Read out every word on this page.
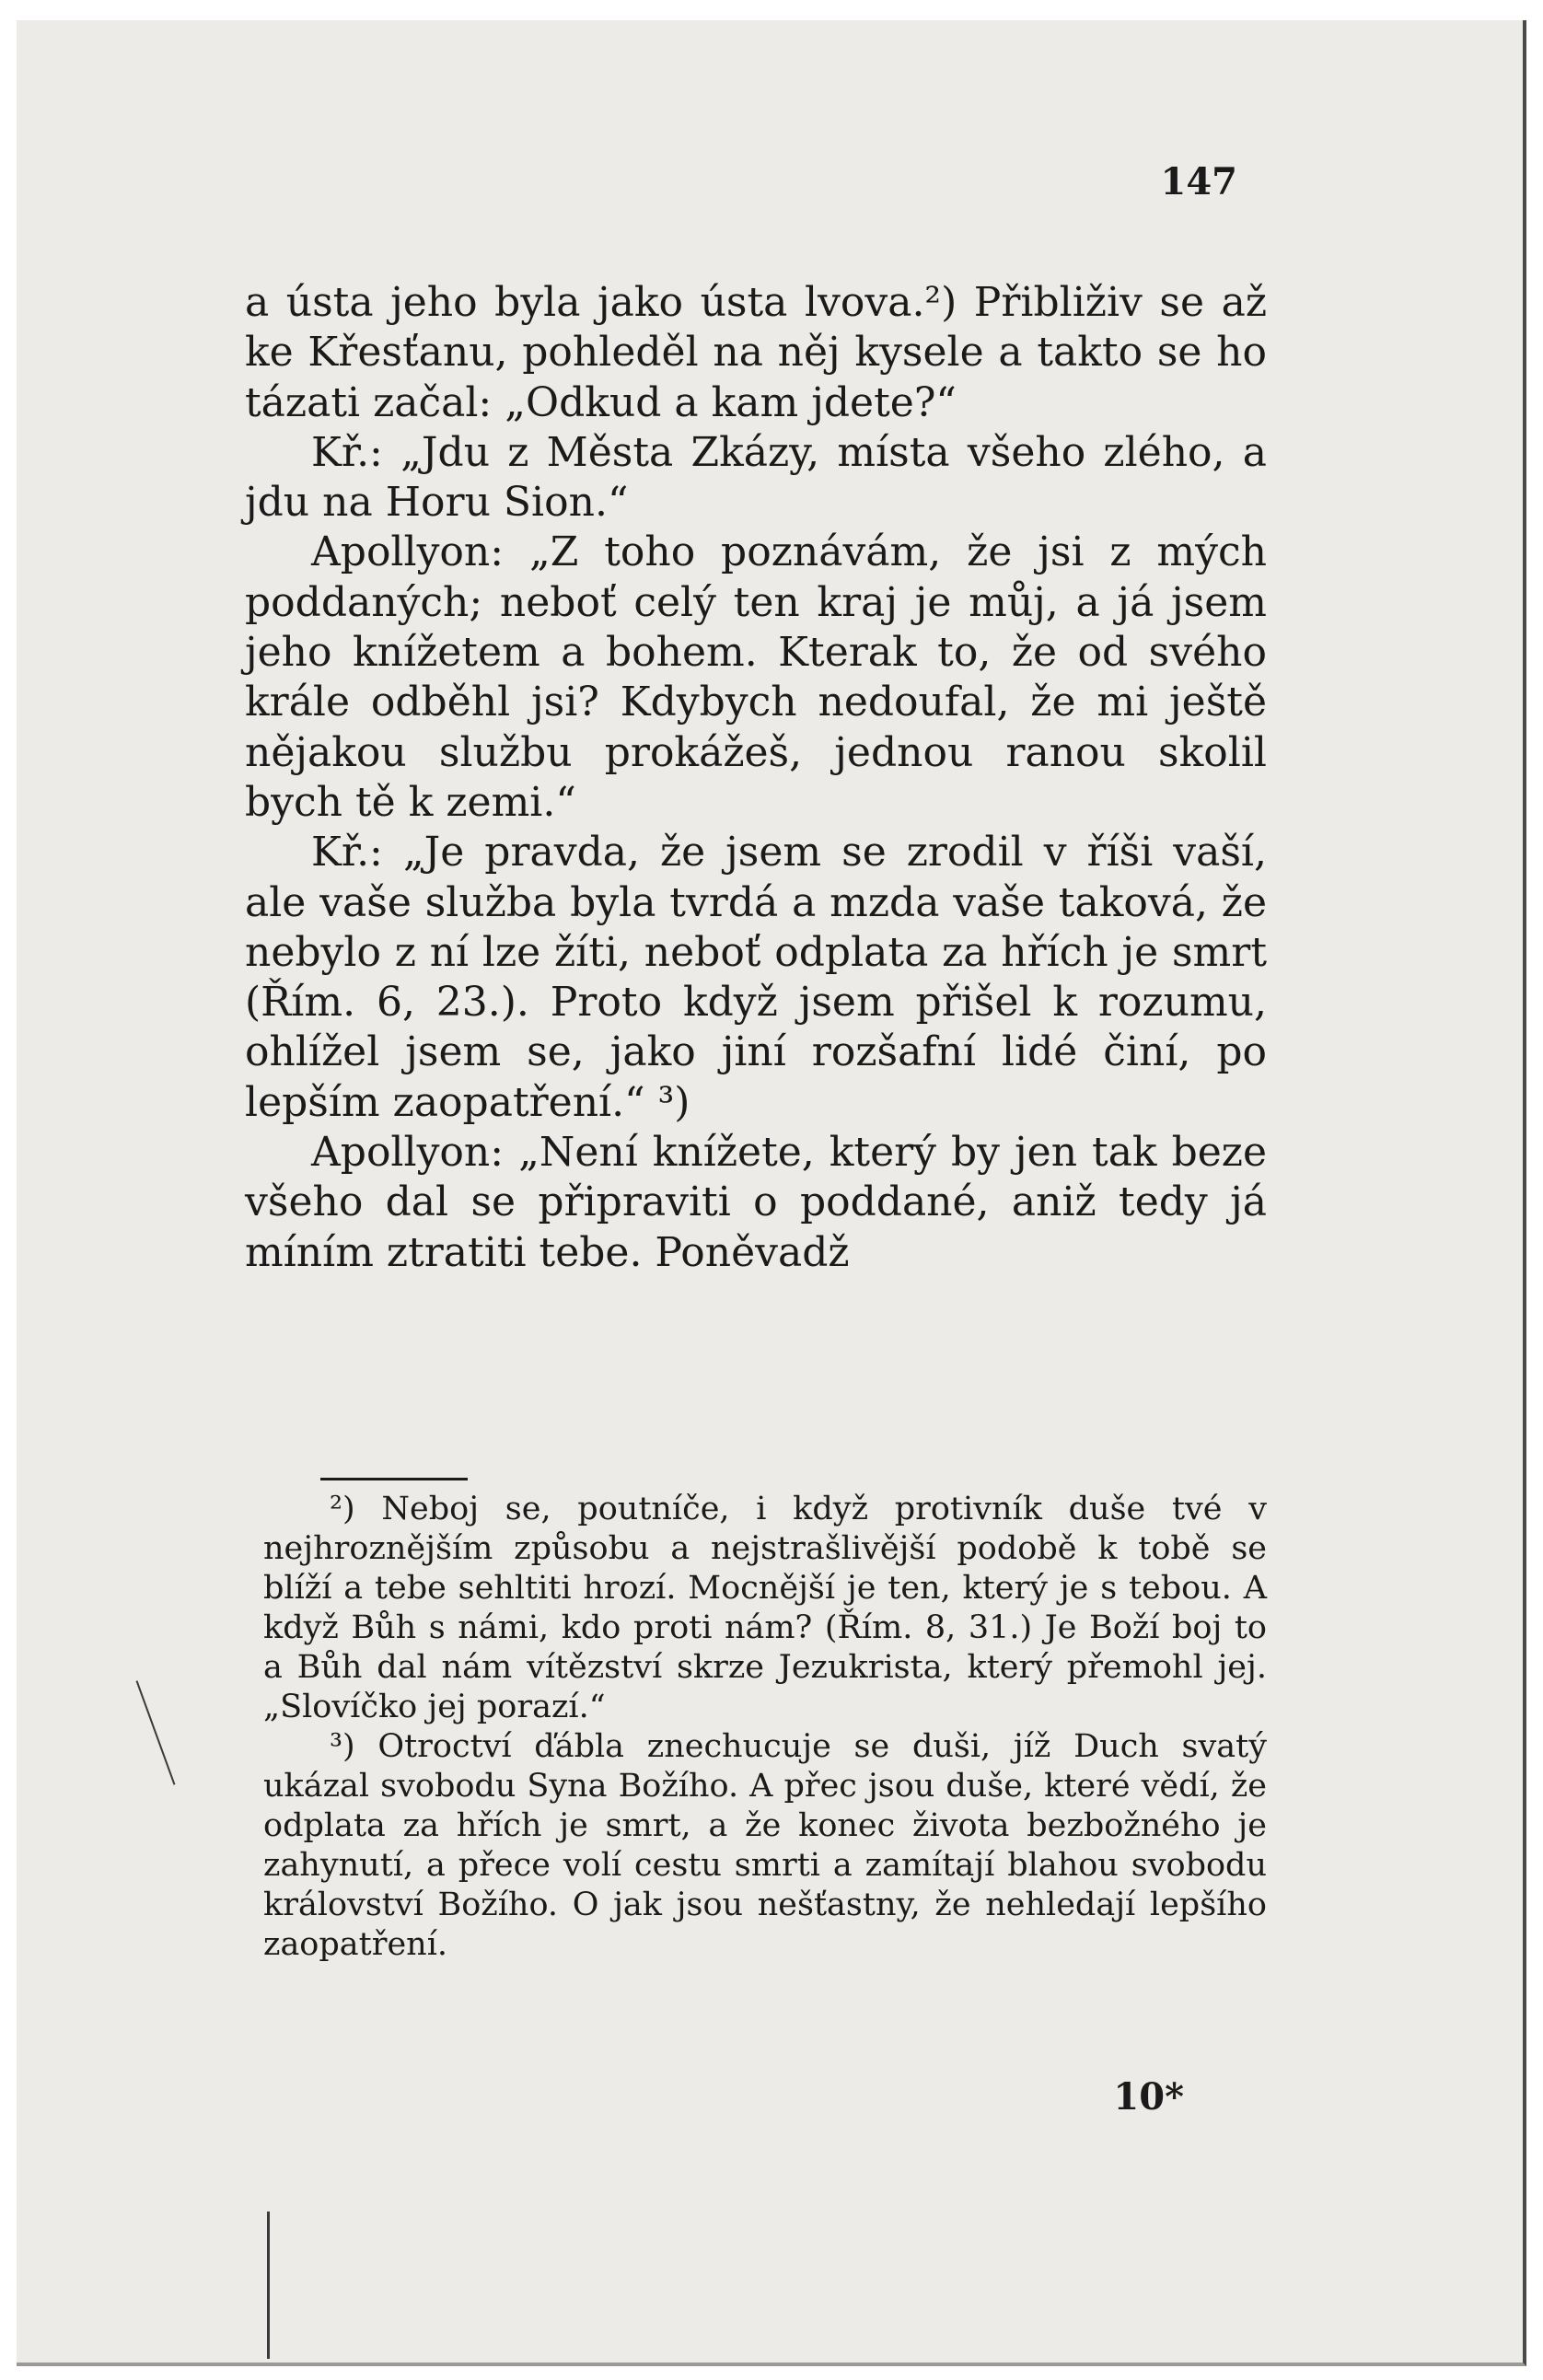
147

a ústa jeho byla jako ústa lvova.²) Přibliživ se až ke Křesťanu, pohleděl na něj kysele a takto se ho tázati začal: „Odkud a kam jdete?“

Kř.: „Jdu z Města Zkázy, místa všeho zlého, a jdu na Horu Sion.“

Apollyon: „Z toho poznávám, že jsi z mých poddaných; neboť celý ten kraj je můj, a já jsem jeho knížetem a bohem. Kterak to, že od svého krále odběhl jsi? Kdybych nedoufal, že mi ještě nějakou službu prokážeš, jednou ranou skolil bych tě k zemi.“

Kř.: „Je pravda, že jsem se zrodil v říši vaší, ale vaše služba byla tvrdá a mzda vaše taková, že nebylo z ní lze žíti, neboť odplata za hřích je smrt (Řím. 6, 23.). Proto když jsem přišel k rozumu, ohlížel jsem se, jako jiní rozšafní lidé činí, po lepším zaopatření.“ ³)

Apollyon: „Není knížete, který by jen tak beze všeho dal se připraviti o poddané, aniž tedy já míním ztratiti tebe. Poněvadž

²) Neboj se, poutníče, i když protivník duše tvé v nejhroznějším způsobu a nejstrašlivější podobě k tobě se blíží a tebe sehltiti hrozí. Mocnější je ten, který je s tebou. A když Bůh s námi, kdo proti nám? (Řím. 8, 31.) Je Boží boj to a Bůh dal nám vítězství skrze Jezukrista, který přemohl jej. „Slovíčko jej porazí.“

³) Otroctví ďábla znechucuje se duši, jíž Duch svatý ukázal svobodu Syna Božího. A přec jsou duše, které vědí, že odplata za hřích je smrt, a že konec života bezbožného je zahynutí, a přece volí cestu smrti a zamítají blahou svobodu království Božího. O jak jsou nešťastny, že nehledají lepšího zaopatření.

10*
